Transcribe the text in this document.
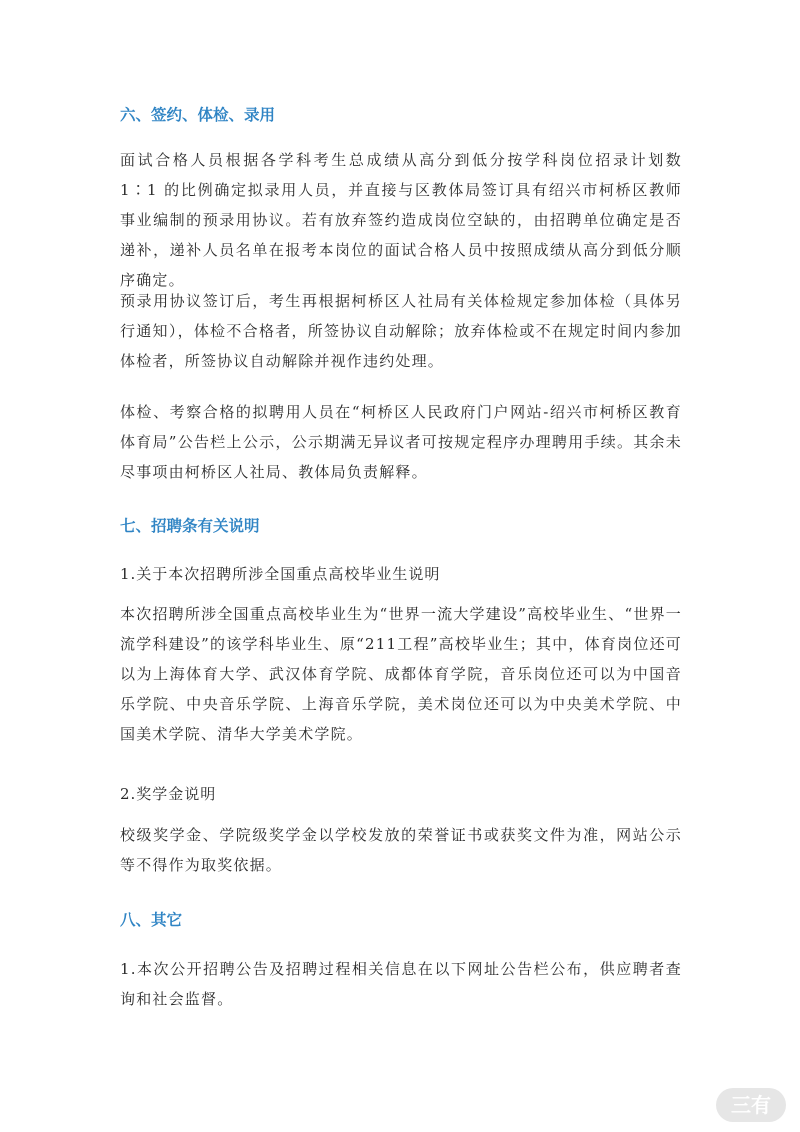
六、签约、体检、录用
面试合格人员根据各学科考生总成绩从高分到低分按学科岗位招录计划数 1∶1 的比例确定拟录用人员，并直接与区教体局签订具有绍兴市柯桥区教师事业编制的预录用协议。若有放弃签约造成岗位空缺的，由招聘单位确定是否递补，递补人员名单在报考本岗位的面试合格人员中按照成绩从高分到低分顺序确定。
预录用协议签订后，考生再根据柯桥区人社局有关体检规定参加体检（具体另行通知），体检不合格者，所签协议自动解除；放弃体检或不在规定时间内参加体检者，所签协议自动解除并视作违约处理。
体检、考察合格的拟聘用人员在“柯桥区人民政府门户网站-绍兴市柯桥区教育体育局”公告栏上公示，公示期满无异议者可按规定程序办理聘用手续。其余未尽事项由柯桥区人社局、教体局负责解释。
七、招聘条有关说明
1.关于本次招聘所涉全国重点高校毕业生说明
本次招聘所涉全国重点高校毕业生为“世界一流大学建设”高校毕业生、“世界一流学科建设”的该学科毕业生、原“211工程”高校毕业生；其中，体育岗位还可以为上海体育大学、武汉体育学院、成都体育学院，音乐岗位还可以为中国音乐学院、中央音乐学院、上海音乐学院，美术岗位还可以为中央美术学院、中国美术学院、清华大学美术学院。
2.奖学金说明
校级奖学金、学院级奖学金以学校发放的荣誉证书或获奖文件为准，网站公示等不得作为取奖依据。
八、其它
1.本次公开招聘公告及招聘过程相关信息在以下网址公告栏公布，供应聘者查询和社会监督。
三有
